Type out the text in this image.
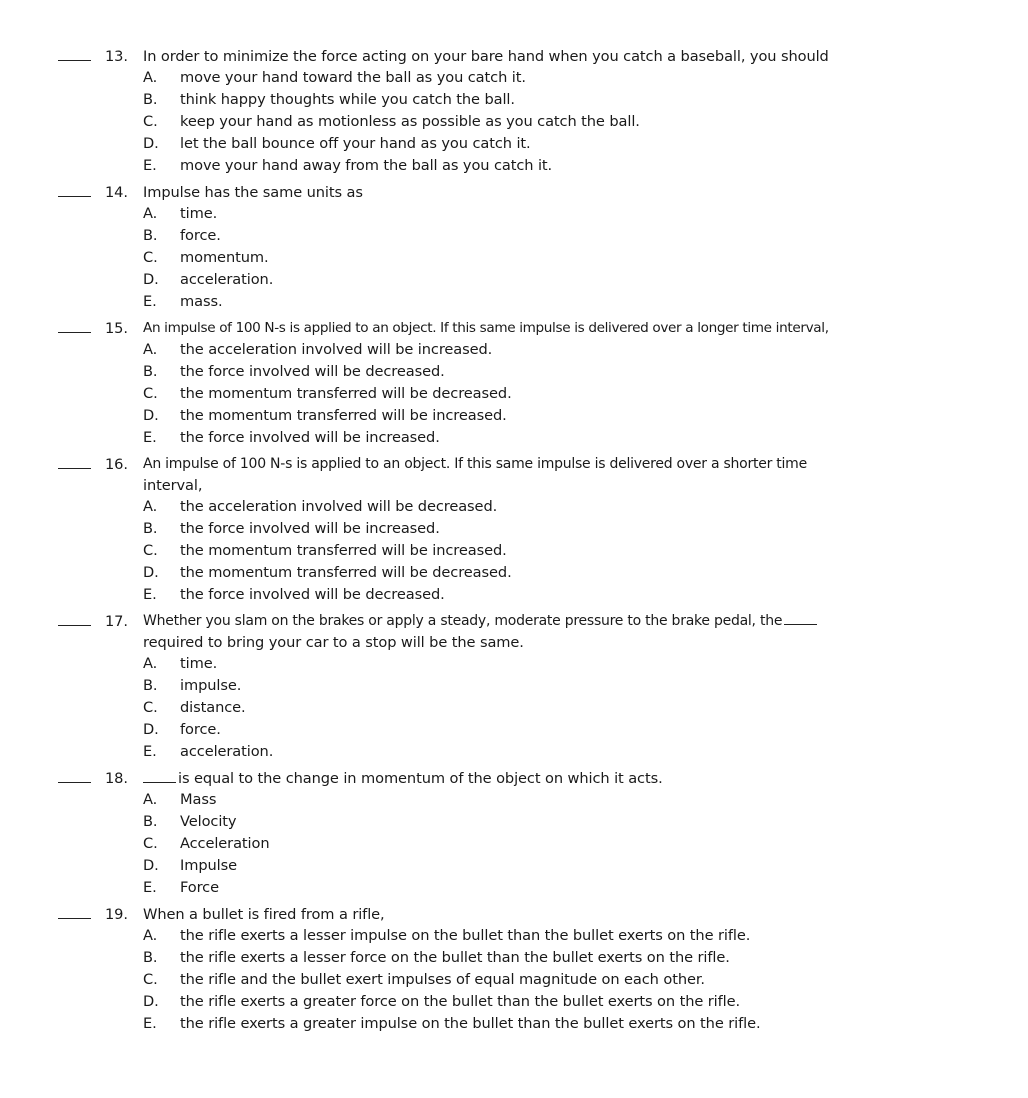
13. In order to minimize the force acting on your bare hand when you catch a baseball, you should
A. move your hand toward the ball as you catch it.
B. think happy thoughts while you catch the ball.
C. keep your hand as motionless as possible as you catch the ball.
D. let the ball bounce off your hand as you catch it.
E. move your hand away from the ball as you catch it.
14. Impulse has the same units as
A. time.
B. force.
C. momentum.
D. acceleration.
E. mass.
15. An impulse of 100 N-s is applied to an object. If this same impulse is delivered over a longer time interval,
A. the acceleration involved will be increased.
B. the force involved will be decreased.
C. the momentum transferred will be decreased.
D. the momentum transferred will be increased.
E. the force involved will be increased.
16. An impulse of 100 N-s is applied to an object. If this same impulse is delivered over a shorter time
interval,
A. the acceleration involved will be decreased.
B. the force involved will be increased.
C. the momentum transferred will be increased.
D. the momentum transferred will be decreased.
E. the force involved will be decreased.
17. Whether you slam on the brakes or apply a steady, moderate pressure to the brake pedal, the
required to bring your car to a stop will be the same.
A. time.
B. impulse.
C. distance.
D. force.
E. acceleration.
18.	is equal to the change in momentum of the object on which it acts.
A. Mass
B. Velocity
C. Acceleration
D. Impulse
E. Force
19. When a bullet is fired from a rifle,
A. the rifle exerts a lesser impulse on the bullet than the bullet exerts on the rifle.
B. the rifle exerts a lesser force on the bullet than the bullet exerts on the rifle.
C. the rifle and the bullet exert impulses of equal magnitude on each other.
D. the rifle exerts a greater force on the bullet than the bullet exerts on the rifle.
E. the rifle exerts a greater impulse on the bullet than the bullet exerts on the rifle.
